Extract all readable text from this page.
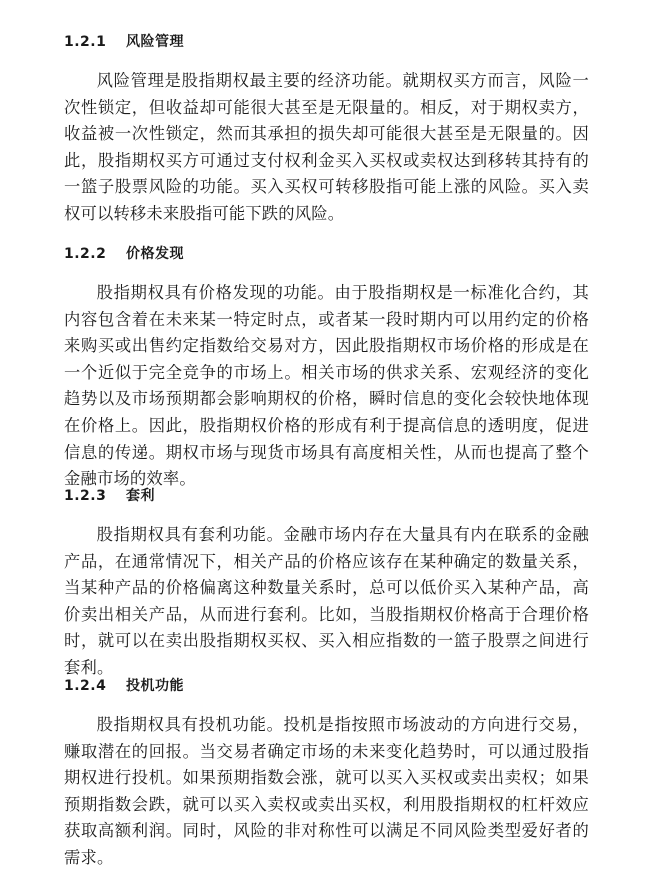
1.2.1 风险管理
风险管理是股指期权最主要的经济功能。就期权买方而言，风险一次性锁定，但收益却可能很大甚至是无限量的。相反，对于期权卖方，收益被一次性锁定，然而其承担的损失却可能很大甚至是无限量的。因此，股指期权买方可通过支付权利金买入买权或卖权达到移转其持有的一篮子股票风险的功能。买入买权可转移股指可能上涨的风险。买入卖权可以转移未来股指可能下跌的风险。
1.2.2 价格发现
股指期权具有价格发现的功能。由于股指期权是一标准化合约，其内容包含着在未来某一特定时点，或者某一段时期内可以用约定的价格来购买或出售约定指数给交易对方，因此股指期权市场价格的形成是在一个近似于完全竞争的市场上。相关市场的供求关系、宏观经济的变化趋势以及市场预期都会影响期权的价格，瞬时信息的变化会较快地体现在价格上。因此，股指期权价格的形成有利于提高信息的透明度，促进信息的传递。期权市场与现货市场具有高度相关性，从而也提高了整个金融市场的效率。
1.2.3 套利
股指期权具有套利功能。金融市场内存在大量具有内在联系的金融产品，在通常情况下，相关产品的价格应该存在某种确定的数量关系，当某种产品的价格偏离这种数量关系时，总可以低价买入某种产品，高价卖出相关产品，从而进行套利。比如，当股指期权价格高于合理价格时，就可以在卖出股指期权买权、买入相应指数的一篮子股票之间进行套利。
1.2.4 投机功能
股指期权具有投机功能。投机是指按照市场波动的方向进行交易，赚取潜在的回报。当交易者确定市场的未来变化趋势时，可以通过股指期权进行投机。如果预期指数会涨，就可以买入买权或卖出卖权；如果预期指数会跌，就可以买入卖权或卖出买权，利用股指期权的杠杆效应获取高额利润。同时，风险的非对称性可以满足不同风险类型爱好者的需求。
